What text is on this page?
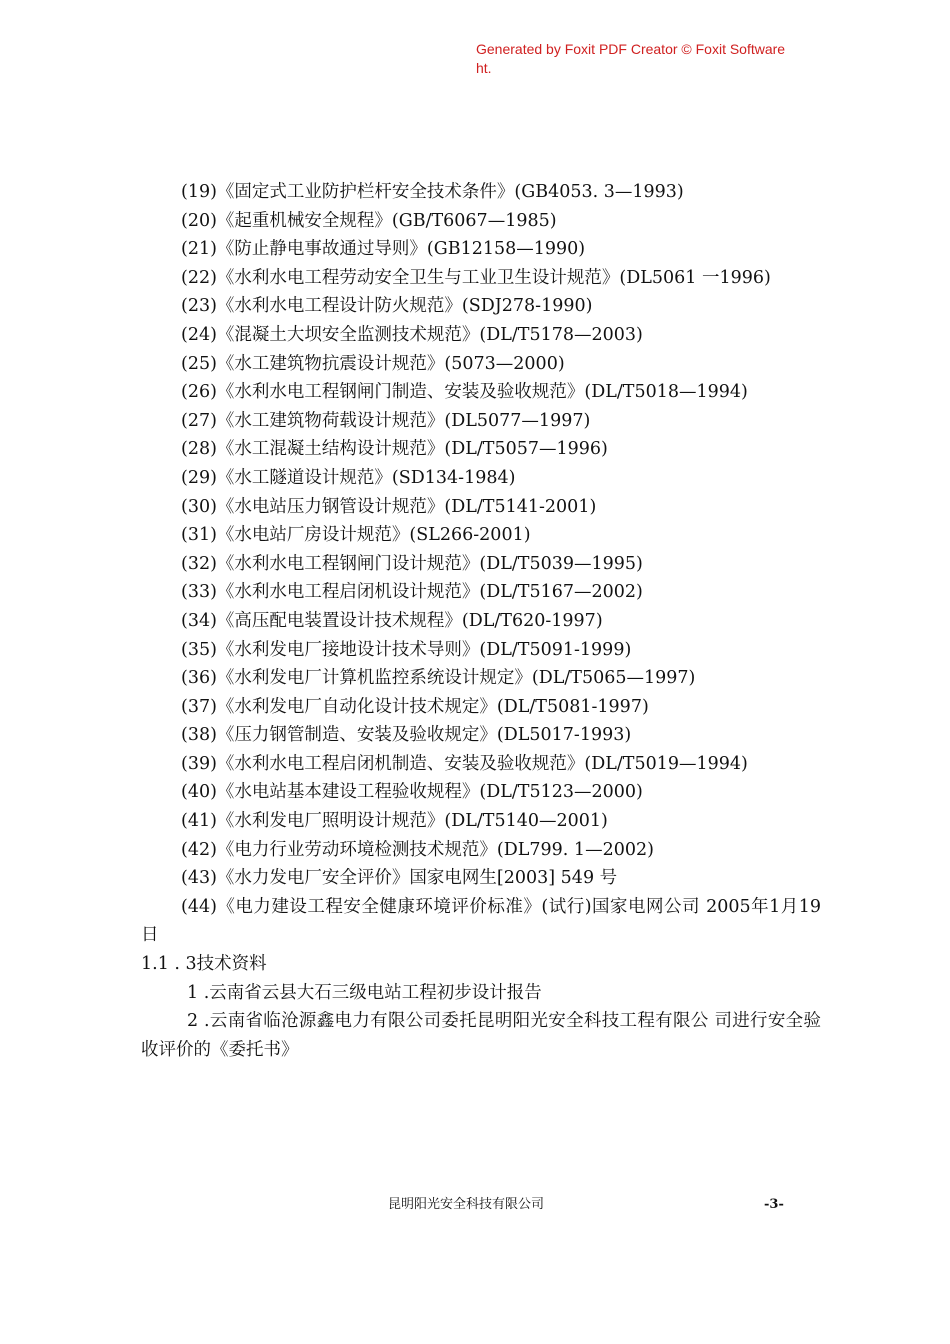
Generated by Foxit PDF Creator © Foxit Software
ht.

(19)《固定式工业防护栏杆安全技术条件》(GB4053. 3—1993)

(20)《起重机械安全规程》(GB/T6067—1985)

(21)《防止静电事故通过导则》(GB12158—1990)

(22)《水利水电工程劳动安全卫生与工业卫生设计规范》(DL5061 一1996)

(23)《水利水电工程设计防火规范》(SDJ278-1990)

(24)《混凝土大坝安全监测技术规范》(DL/T5178—2003)

(25)《水工建筑物抗震设计规范》(5073—2000)

(26)《水利水电工程钢闸门制造、安装及验收规范》(DL/T5018—1994)

(27)《水工建筑物荷载设计规范》(DL5077—1997)

(28)《水工混凝土结构设计规范》(DL/T5057—1996)

(29)《水工隧道设计规范》(SD134-1984)

(30)《水电站压力钢管设计规范》(DL/T5141-2001)

(31)《水电站厂房设计规范》(SL266-2001)

(32)《水利水电工程钢闸门设计规范》(DL/T5039—1995)

(33)《水利水电工程启闭机设计规范》(DL/T5167—2002)

(34)《高压配电装置设计技术规程》(DL/T620-1997)

(35)《水利发电厂接地设计技术导则》(DL/T5091-1999)

(36)《水利发电厂计算机监控系统设计规定》(DL/T5065—1997)

(37)《水利发电厂自动化设计技术规定》(DL/T5081-1997)

(38)《压力钢管制造、安装及验收规定》(DL5017-1993)

(39)《水利水电工程启闭机制造、安装及验收规范》(DL/T5019—1994)

(40)《水电站基本建设工程验收规程》(DL/T5123—2000)

(41)《水利发电厂照明设计规范》(DL/T5140—2001)

(42)《电力行业劳动环境检测技术规范》(DL799. 1—2002)

(43)《水力发电厂安全评价》国家电网生[2003] 549 号

(44)《电力建设工程安全健康环境评价标准》(试行)国家电网公司 2005年1月19日

1.1 . 3技术资料

1 .云南省云县大石三级电站工程初步设计报告

2 .云南省临沧源鑫电力有限公司委托昆明阳光安全科技工程有限公 司进行安全验收评价的《委托书》

昆明阳光安全科技有限公司	-3-
